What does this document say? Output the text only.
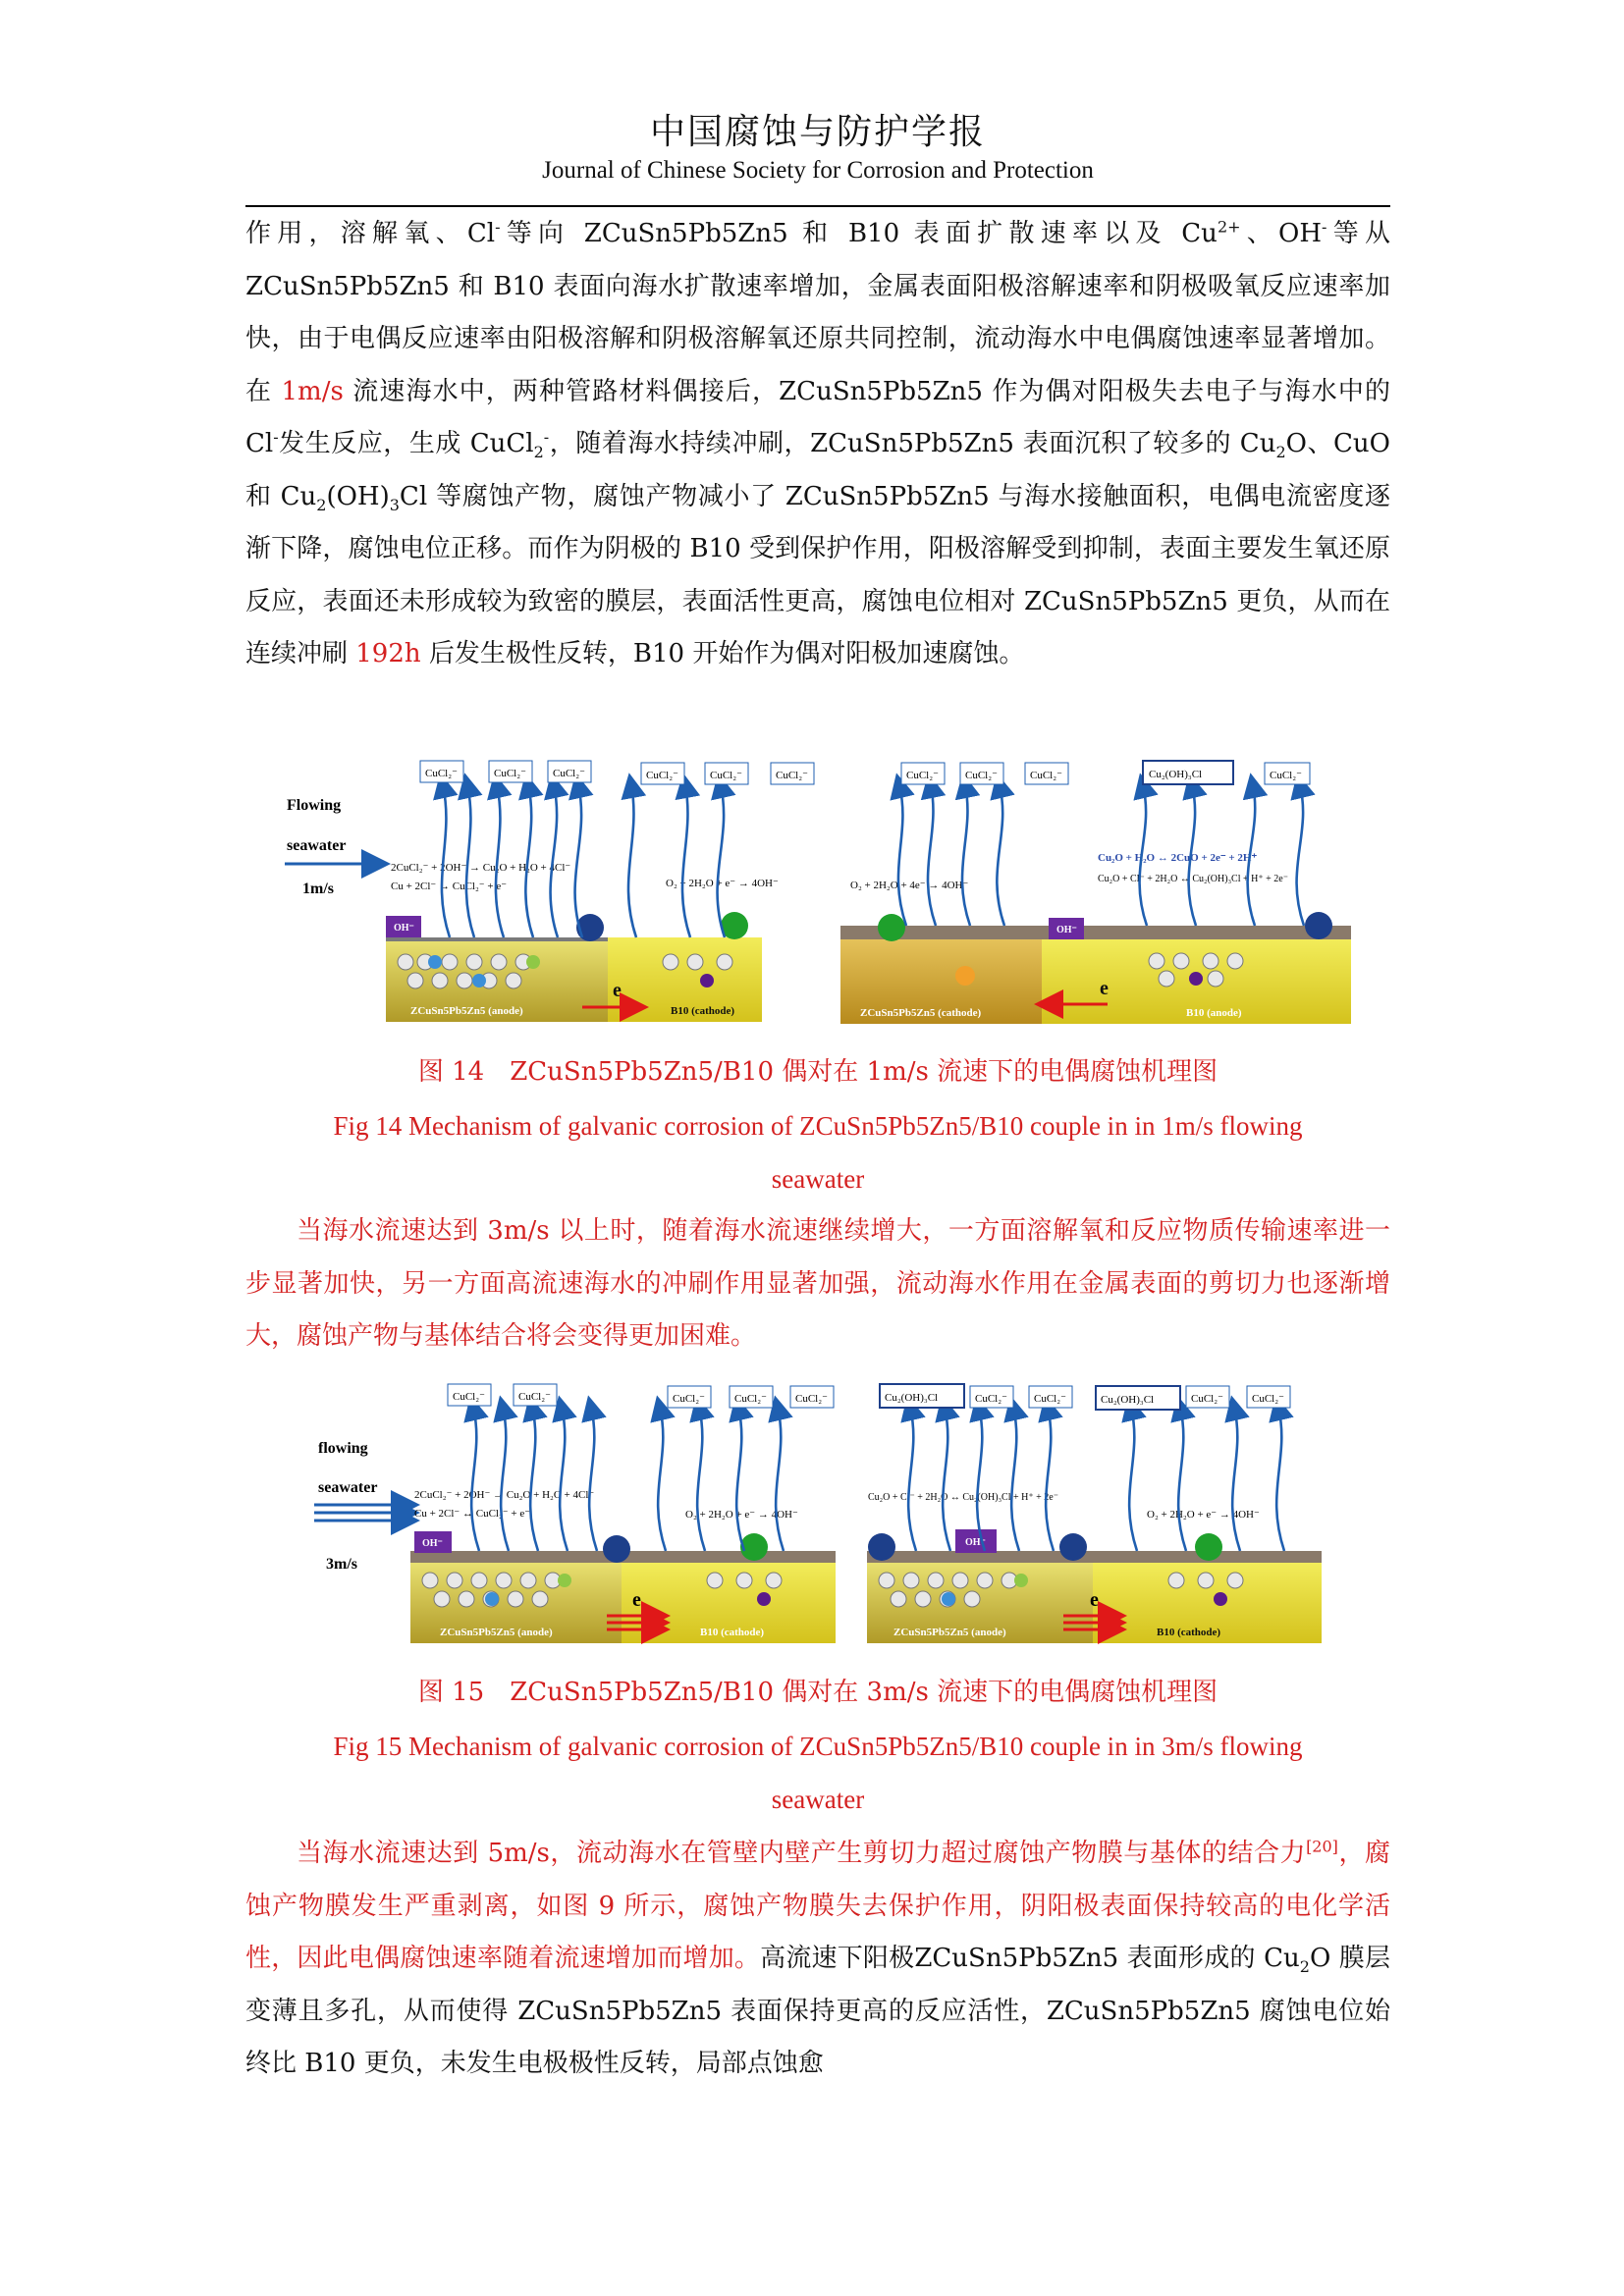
中国腐蚀与防护学报
Journal of Chinese Society for Corrosion and Protection

作用，溶解氧、Cl-等向 ZCuSn5Pb5Zn5 和 B10 表面扩散速率以及 $Cu^{2+}$、OH-等从ZCuSn5Pb5Zn5 和 B10 表面向海水扩散速率增加，金属表面阳极溶解速率和阴极吸氧反应速率加快，由于电偶反应速率由阳极溶解和阴极溶解氧还原共同控制，流动海水中电偶腐蚀速率显著增加。在 1m/s 流速海水中，两种管路材料偶接后，ZCuSn5Pb5Zn5 作为偶对阳极失去电子与海水中的 Cl-发生反应，生成 CuCl$_2$-，随着海水持续冲刷，ZCuSn5Pb5Zn5 表面沉积了较多的 $Cu_2O$、CuO 和 $Cu_2(OH)_3Cl$ 等腐蚀产物，腐蚀产物减小了 ZCuSn5Pb5Zn5 与海水接触面积，电偶电流密度逐渐下降，腐蚀电位正移。而作为阴极的 B10 受到保护作用，阳极溶解受到抑制，表面主要发生氧还原反应，表面还未形成较为致密的膜层，表面活性更高，腐蚀电位相对 ZCuSn5Pb5Zn5 更负，从而在连续冲刷 192h 后发生极性反转，B10 开始作为偶对阳极加速腐蚀。

Flowing
seawater
1m/s
OH⁻
ZCuSn5Pb5Zn5 (anode)	B10 (cathode)
e
2CuCl₂⁻ + 2OH⁻ → Cu₂O + H₂O + 4Cl⁻
Cu + 2Cl⁻ ↔ CuCl₂⁻ + e⁻	O₂ + 2H₂O + e⁻ → 4OH⁻
CuCl₂⁻	CuCl₂⁻ CuCl₂⁻	CuCl₂⁻	CuCl₂⁻	CuCl₂⁻
OH⁻
ZCuSn5Pb5Zn5 (cathode)	B10 (anode)
e
O₂ + 2H₂O + 4e⁻ → 4OH⁻
Cu₂O + H₂O ↔ 2CuO + 2e⁻ + 2H⁺
Cu₂O + Cl⁻ + 2H₂O ↔ Cu₂(OH)₃Cl + H⁺ + 2e⁻
CuCl₂⁻ CuCl₂⁻	CuCl₂⁻	Cu₂(OH)₃Cl	CuCl₂⁻

图 14　ZCuSn5Pb5Zn5/B10 偶对在 1m/s 流速下的电偶腐蚀机理图

Fig 14 Mechanism of galvanic corrosion of ZCuSn5Pb5Zn5/B10 couple in in 1m/s flowing

seawater

当海水流速达到 3m/s 以上时，随着海水流速继续增大，一方面溶解氧和反应物质传输速率进一步显著加快，另一方面高流速海水的冲刷作用显著加强，流动海水作用在金属表面的剪切力也逐渐增大，腐蚀产物与基体结合将会变得更加困难。

flowing
seawater
3m/s
OH⁻
ZCuSn5Pb5Zn5 (anode)	B10 (cathode)
e
2CuCl₂⁻ + 2OH⁻ → Cu₂O + H₂O + 4Cl⁻
Cu + 2Cl⁻ ↔ CuCl₂⁻ + e⁻	O₂ + 2H₂O + e⁻ → 4OH⁻
CuCl₂⁻	CuCl₂⁻	CuCl₂⁻	CuCl₂⁻	CuCl₂⁻
OH⁻
ZCuSn5Pb5Zn5 (anode)	B10 (cathode)
e
Cu₂O + Cl⁻ + 2H₂O ↔ Cu₂(OH)₃Cl + H⁺ + 2e⁻
O₂ + 2H₂O + e⁻ → 4OH⁻
Cu₂(OH)₃Cl	CuCl₂⁻ CuCl₂⁻	Cu₂(OH)₃Cl	CuCl₂⁻	CuCl₂⁻

图 15　ZCuSn5Pb5Zn5/B10 偶对在 3m/s 流速下的电偶腐蚀机理图

Fig 15 Mechanism of galvanic corrosion of ZCuSn5Pb5Zn5/B10 couple in in 3m/s flowing

seawater

当海水流速达到 5m/s，流动海水在管壁内壁产生剪切力超过腐蚀产物膜与基体的结合力[20]，腐蚀产物膜发生严重剥离，如图 9 所示，腐蚀产物膜失去保护作用，阴阳极表面保持较高的电化学活性，因此电偶腐蚀速率随着流速增加而增加。高流速下阳极ZCuSn5Pb5Zn5 表面形成的 $Cu_2O$ 膜层变薄且多孔，从而使得 ZCuSn5Pb5Zn5 表面保持更高的反应活性，ZCuSn5Pb5Zn5 腐蚀电位始终比 B10 更负，未发生电极极性反转，局部点蚀愈
